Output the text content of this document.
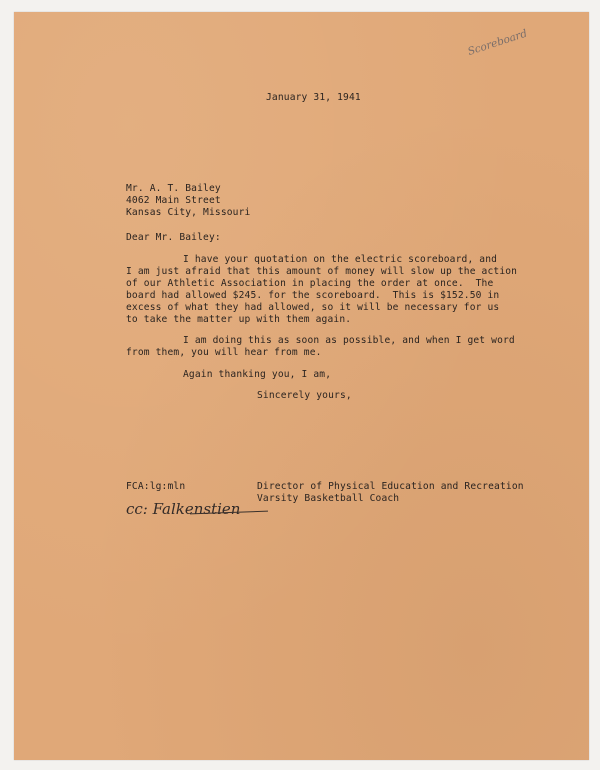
Scoreboard
January 31, 1941
Mr. A. T. Bailey
4062 Main Street
Kansas City, Missouri
Dear Mr. Bailey:
I have your quotation on the electric scoreboard, and
I am just afraid that this amount of money will slow up the action
of our Athletic Association in placing the order at once.  The
board had allowed $245. for the scoreboard.  This is $152.50 in
excess of what they had allowed, so it will be necessary for us
to take the matter up with them again.
I am doing this as soon as possible, and when I get word
from them, you will hear from me.
Again thanking you, I am,
Sincerely yours,
FCA:lg:mln	Director of Physical Education and Recreation
Varsity Basketball Coach
cc: Falkenstien
